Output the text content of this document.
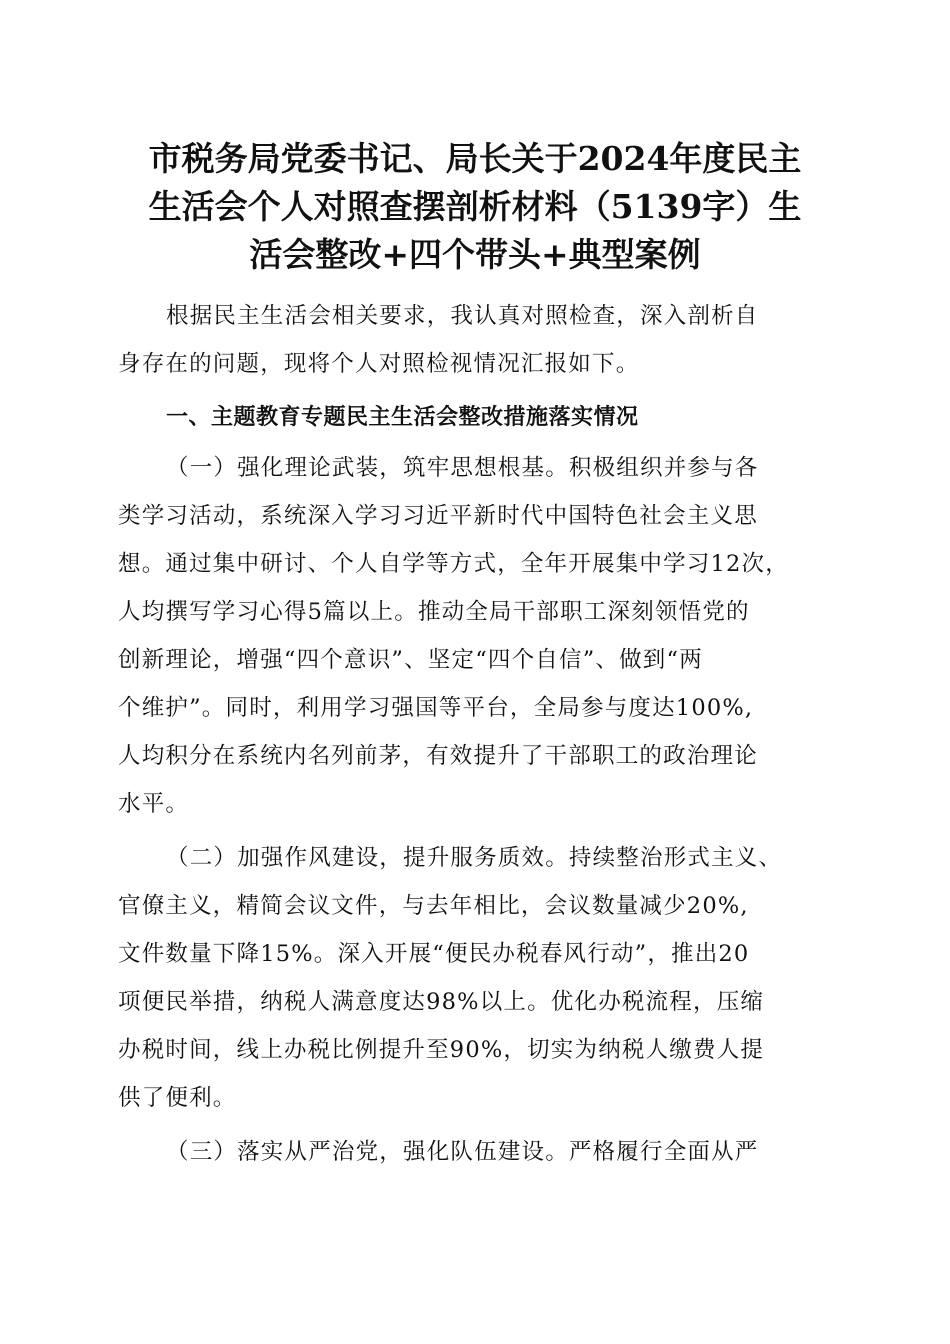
市税务局党委书记、局长关于2024年度民主
生活会个人对照查摆剖析材料（5139字）生
活会整改+四个带头+典型案例

根据民主生活会相关要求，我认真对照检查，深入剖析自

身存在的问题，现将个人对照检视情况汇报如下。

一、主题教育专题民主生活会整改措施落实情况

（一）强化理论武装，筑牢思想根基。积极组织并参与各

类学习活动，系统深入学习习近平新时代中国特色社会主义思

想。通过集中研讨、个人自学等方式，全年开展集中学习12次，

人均撰写学习心得5篇以上。推动全局干部职工深刻领悟党的

创新理论，增强“四个意识”、坚定“四个自信”、做到“两

个维护”。同时，利用学习强国等平台，全局参与度达100%,

人均积分在系统内名列前茅，有效提升了干部职工的政治理论

水平。

（二）加强作风建设，提升服务质效。持续整治形式主义、

官僚主义，精简会议文件，与去年相比，会议数量减少20%,

文件数量下降15%。深入开展“便民办税春风行动”，推出20

项便民举措，纳税人满意度达98%以上。优化办税流程，压缩

办税时间，线上办税比例提升至90%，切实为纳税人缴费人提

供了便利。

（三）落实从严治党，强化队伍建设。严格履行全面从严
